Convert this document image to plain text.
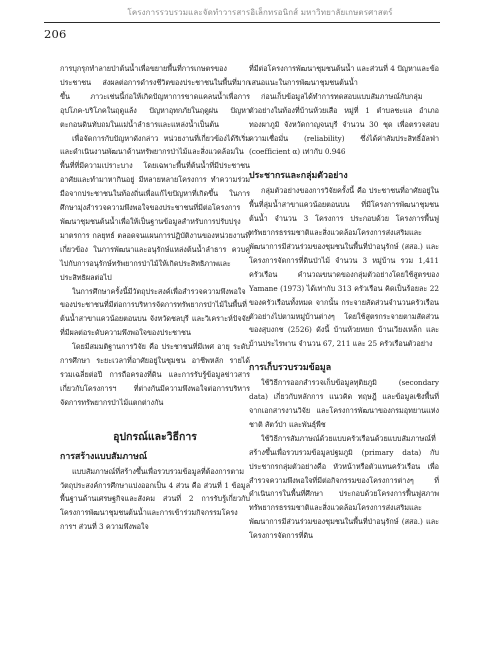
โครงการรวบรวมและจัดทำวารสารอิเล็กทรอนิกส์ มหาวิทยาลัยเกษตรศาสตร์
206

การบุกรุกทำลายป่าต้นน้ำเพื่อขยายพื้นที่การเกษตรของประชาชน ส่งผลต่อการดำรงชีวิตของประชาชนในพื้นที่มากขึ้น ภาวะเช่นนี้ก่อให้เกิดปัญหาการขาดแคลนน้ำเพื่อการอุปโภค-บริโภคในฤดูแล้ง ปัญหาอุทกภัยในฤดูฝน ปัญหาตะกอนดินทับถมในแม่น้ำลำธารและแหล่งน้ำเป็นต้น

เพื่อจัดการกับปัญหาดังกล่าว หน่วยงานที่เกี่ยวข้องได้ริเริ่มและดำเนินงานพัฒนาด้านทรัพยากรป่าไม้และสิ่งแวดล้อมในพื้นที่ที่มีความเปราะบาง โดยเฉพาะพื้นที่ต้นน้ำที่มีประชาชนอาศัยและทำมาหากินอยู่ มีหลายหลายโครงการ ทำความร่วมมือจากประชาชนในท้องถิ่นเพื่อแก้ไขปัญหาที่เกิดขึ้น ในการศึกษามุ่งสำรวจความพึงพอใจของประชาชนที่มีต่อโครงการพัฒนาชุมชนต้นน้ำเพื่อให้เป็นฐานข้อมูลสำหรับการปรับปรุงมาตรการ กลยุทธ์ ตลอดจนแผนการปฏิบัติงานของหน่วยงานที่เกี่ยวข้อง ในการพัฒนาและอนุรักษ์แหล่งต้นน้ำลำธาร ควบคู่ไปกับการอนุรักษ์ทรัพยากรป่าไม้ให้เกิดประสิทธิภาพและประสิทธิผลต่อไป

ในการศึกษาครั้งนี้มีวัตถุประสงค์เพื่อสำรวจความพึงพอใจของประชาชนที่มีต่อการบริหารจัดการทรัพยากรป่าไม้ในพื้นที่ต้นน้ำสาขาแควน้อยตอนบน จังหวัดชลบุรี และวิเคราะห์ปัจจัยที่มีผลต่อระดับความพึงพอใจของประชาชน

โดยมีสมมติฐานการวิจัย คือ ประชาชนที่มีเพศ อายุ ระดับการศึกษา ระยะเวลาที่อาศัยอยู่ในชุมชน อาชีพหลัก รายได้รวมเฉลี่ยต่อปี การถือครองที่ดิน และการรับรู้ข้อมูลข่าวสารเกี่ยวกับโครงการฯ ที่ต่างกันมีความพึงพอใจต่อการบริหารจัดการทรัพยากรป่าไม้แตกต่างกัน

อุปกรณ์และวิธีการ
การสร้างแบบสัมภาษณ์

แบบสัมภาษณ์ที่สร้างขึ้นเพื่อรวบรวมข้อมูลที่ต้องการตามวัตถุประสงค์การศึกษาแบ่งออกเป็น 4 ส่วน คือ ส่วนที่ 1 ข้อมูลพื้นฐานด้านเศรษฐกิจและสังคม ส่วนที่ 2 การรับรู้เกี่ยวกับโครงการพัฒนาชุมชนต้นน้ำและการเข้าร่วมกิจกรรมโครงการฯ ส่วนที่ 3 ความพึงพอใจ

ที่มีต่อโครงการพัฒนาชุมชนต้นน้ำ และส่วนที่ 4 ปัญหาและข้อเสนอแนะในการพัฒนาชุมชนต้นน้ำ

ก่อนเก็บข้อมูลได้ทำการทดสอบแบบสัมภาษณ์กับกลุ่มตัวอย่างในท้องที่บ้านห้วยเสือ หมู่ที่ 1 ตำบลชะแล อำเภอทองผาภูมิ จังหวัดกาญจนบุรี จำนวน 30 ชุด เพื่อตรวจสอบความเชื่อมั่น (reliability) ซึ่งได้ค่าสัมประสิทธิ์อัลฟ่า (coefficient α) เท่ากับ 0.946

ประชากรและกลุ่มตัวอย่าง

กลุ่มตัวอย่างของการวิจัยครั้งนี้ คือ ประชาชนที่อาศัยอยู่ในพื้นที่ลุ่มน้ำสาขาแควน้อยตอนบน ที่มีโครงการพัฒนาชุมชนต้นน้ำ จำนวน 3 โครงการ ประกอบด้วย โครงการพื้นฟูทรัพยากรธรรมชาติและสิ่งแวดล้อมโครงการส่งเสริมและพัฒนาการมีส่วนร่วมของชุมชนในพื้นที่ป่าอนุรักษ์ (สสอ.) และโครงการจัดการที่ดินป่าไม้ จำนวน 3 หมู่บ้าน รวม 1,411 ครัวเรือน คำนวณขนาดของกลุ่มตัวอย่างโดยใช้สูตรของ Yamane (1973) ได้เท่ากับ 313 ครัวเรือน คิดเป็นร้อยละ 22 ของครัวเรือนทั้งหมด จากนั้น กระจายสัดส่วนจำนวนครัวเรือนตัวอย่างไปตามหมู่บ้านต่างๆ โดยใช้สูตรกระจายตามสัดส่วนของสุบงกช (2526) ดังนี้ บ้านห้วยหยก บ้านเวียงเหล็ก และบ้านประไรพาน จำนวน 67, 211 และ 25 ครัวเรือนตัวอย่าง

การเก็บรวบรวมข้อมูล

ใช้วิธีการออกสำรวจเก็บข้อมูลทุติยภูมิ (secondary data) เกี่ยวกับหลักการ แนวคิด ทฤษฎี และข้อมูลเชิงพื้นที่ จากเอกสารงานวิจัย และโครงการพัฒนาของกรมอุทยานแห่งชาติ สัตว์ป่า และพันธุ์พืช

ใช้วิธีการสัมภาษณ์ด้วยแบบครัวเรือนด้วยแบบสัมภาษณ์ที่สร้างขึ้นเพื่อรวบรวมข้อมูลปฐมภูมิ (primary data) กับประชากรกลุ่มตัวอย่างคือ หัวหน้าหรือตัวแทนครัวเรือน เพื่อสำรวจความพึงพอใจที่มีต่อกิจกรรมของโครงการต่างๆ ที่ดำเนินการในพื้นที่ศึกษา ประกอบด้วยโครงการฟื้นฟูสภาพทรัพยากรธรรมชาติและสิ่งแวดล้อมโครงการส่งเสริมและพัฒนาการมีส่วนร่วมของชุมชนในพื้นที่ป่าอนุรักษ์ (สสอ.) และโครงการจัดการที่ดิน
